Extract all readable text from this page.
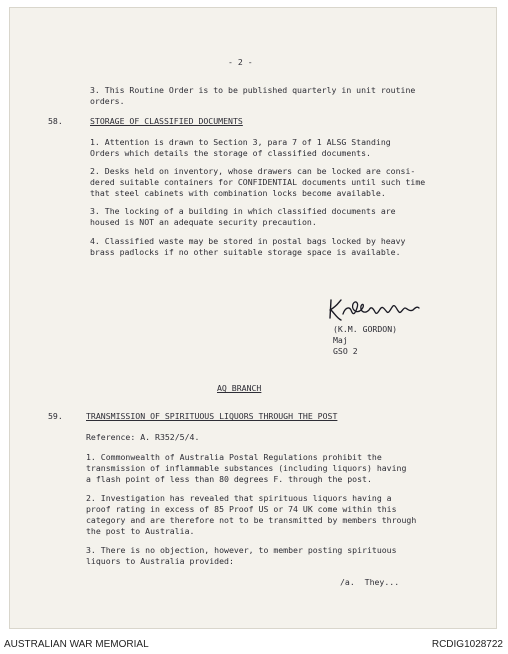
- 2 -
3. This Routine Order is to be published quarterly in unit routine
orders.
58.	STORAGE OF CLASSIFIED DOCUMENTS
1. Attention is drawn to Section 3, para 7 of 1 ALSG Standing
Orders which details the storage of classified documents.
2. Desks held on inventory, whose drawers can be locked are consi-
dered suitable containers for CONFIDENTIAL documents until such time
that steel cabinets with combination locks become available.
3. The locking of a building in which classified documents are
housed is NOT an adequate security precaution.
4. Classified waste may be stored in postal bags locked by heavy
brass padlocks if no other suitable storage space is available.
(K.M. GORDON)
Maj
GSO 2
AQ BRANCH
59.	TRANSMISSION OF SPIRITUOUS LIQUORS THROUGH THE POST
Reference: A. R352/5/4.
1. Commonwealth of Australia Postal Regulations prohibit the
transmission of inflammable substances (including liquors) having
a flash point of less than 80 degrees F. through the post.
2. Investigation has revealed that spirituous liquors having a
proof rating in excess of 85 Proof US or 74 UK come within this
category and are therefore not to be transmitted by members through
the post to Australia.
3. There is no objection, however, to member posting spirituous
liquors to Australia provided:
/a.  They...
AUSTRALIAN WAR MEMORIAL	RCDIG1028722
